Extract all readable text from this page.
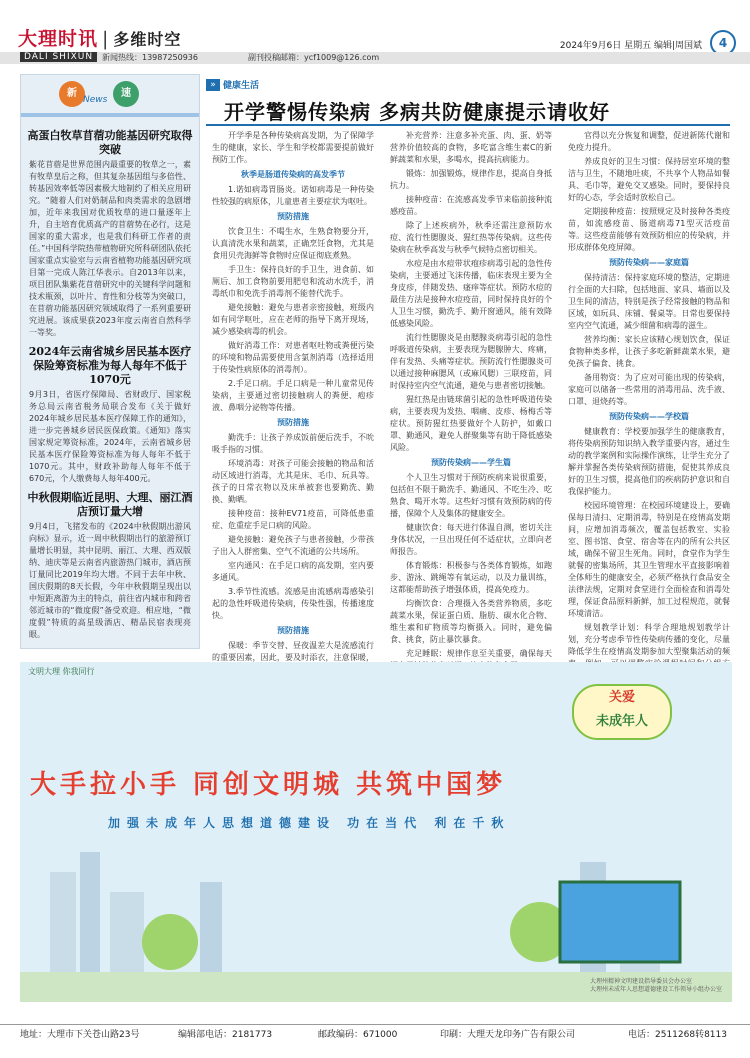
大理时讯 | 多维时空	2024年9月6日 星期五 编辑|周国斌	4
新闻热线：13987250936	副刊投稿邮箱：ycf1009@126.com
DALI SHIXUN
新
News
速
高蛋白牧草苜蓿功能基因研究取得突破
紫花苜蓿是世界范围内最重要的牧草之一，素有牧草皇后之称，但其复杂基因组与多倍性、转基因效率低等因素极大地制约了相关应用研究。“随着人们对奶制品和肉类需求的急剧增加，近年来我国对优质牧草的进口量逐年上升，自主培育优质高产的苜蓿势在必行，这是国家的重大需求，也是我们科研工作者的责任。”中国科学院热带植物研究所科研团队依托国家重点实验室与云南省植物功能基因研究项目第一完成人陈江华表示。自2013年以来，项目团队集紫花苜蓿研究中的关键科学问题和技术瓶颈，以叶片、育性和分枝等为突破口，在苜蓿功能基因研究领域取得了一系列重要研究进展。该成果获2023年度云南省自然科学一等奖。
2024年云南省城乡居民基本医疗保险筹资标准为每人每年不低于1070元
9月3日，省医疗保障局、省财政厅、国家税务总局云南省税务局联合发布《关于做好2024年城乡居民基本医疗保障工作的通知》，进一步完善城乡居民医保政策。《通知》落实国家规定筹资标准，2024年，云南省城乡居民基本医疗保险筹资标准为每人每年不低于1070元。其中，财政补助每人每年不低于670元，个人缴费每人每年400元。
中秋假期临近昆明、大理、丽江酒店预订量大增
9月4日，飞猪发布的《2024中秋假期出游风向标》显示，近一周中秋假期出行的旅游预订量增长明显，其中昆明、丽江、大理、西双版纳、迪庆等是云南省内旅游热门城市，酒店预订量同比2019年均大增。不同于去年中秋、国庆假期的8天长假，今年中秋假期呈现出以中短距离游为主的特点，前往省内城市和跨省邻近城市的“微度假”备受欢迎。相应地，“微度假”特质的高星级酒店、精品民宿表现亮眼。
» 健康生活
开学警惕传染病 多病共防健康提示请收好

开学季是各种传染病高发期，为了保障学生的健康，家长、学生和学校都需要提前做好预防工作。

秋季是肠道传染病的高发季节

1.诺如病毒胃肠炎。诺如病毒是一种传染性较强的病原体，儿童患者主要症状为呕吐。

预防措施

饮食卫生：不喝生水，生熟食物要分开，认真清洗水果和蔬菜，正确烹饪食物，尤其是食用贝壳海鲜等食物时应保证彻底煮熟。

手卫生：保持良好的手卫生，进食前、如厕后、加工食物前要用肥皂和流动水洗手，消毒纸巾和免洗手消毒剂不能替代洗手。

避免接触：避免与患者亲密接触，班级内如有同学呕吐，应在老师的指导下离开现场，减少感染病毒的机会。

做好消毒工作：对患者呕吐物或粪便污染的环境和物品需要使用含氯剂消毒（选择适用于传染性病原体的消毒剂）。

2.手足口病。手足口病是一种儿童常见传染病，主要通过密切接触病人的粪便、疱疹液、鼻咽分泌物等传播。

预防措施

勤洗手：让孩子养成饭前便后洗手，不吮吸手指的习惯。

环境消毒：对孩子可能会接触的物品和活动区域进行消毒，尤其是床、毛巾、玩具等。孩子的日常衣物以及床单被套也要勤洗、勤换、勤晒。

接种疫苗：接种EV71疫苗，可降低患重症、危重症手足口病的风险。

避免接触：避免孩子与患者接触，少带孩子出入人群密集、空气不流通的公共场所。

室内通风：在手足口病的高发期，室内要多通风。

3.季节性流感。流感是由流感病毒感染引起的急性呼吸道传染病，传染性强，传播速度快。

预防措施

保暖：季节交替、昼夜温差大是流感流行的重要因素，因此，要及时添衣，注意保暖，

补充营养：注意多补充蛋、肉、蛋、奶等营养价值较高的食物，多吃富含维生素C的新鲜蔬菜和水果，多喝水，提高抗病能力。

锻炼：加强锻炼，规律作息，提高自身抵抗力。

接种疫苗：在流感高发季节来临前接种流感疫苗。

除了上述疾病外，秋季还需注意预防水痘、流行性腮腺炎、猩红热等传染病。这些传染病在秋季高发与秋季气候特点密切相关。

水痘是由水痘带状疱疹病毒引起的急性传染病，主要通过飞沫传播，临床表现主要为全身皮疹，伴随发热、瘙痒等症状。预防水痘的最佳方法是接种水痘疫苗，同时保持良好的个人卫生习惯，勤洗手、勤开窗通风，能有效降低感染风险。

流行性腮腺炎是由腮腺炎病毒引起的急性呼吸道传染病，主要表现为腮腺肿大、疼痛，伴有发热、头痛等症状。预防流行性腮腺炎可以通过接种麻腮风（或麻风腮）三联疫苗，同时保持室内空气流通，避免与患者密切接触。

猩红热是由链球菌引起的急性呼吸道传染病，主要表现为发热、咽痛、皮疹、杨梅舌等症状。预防猩红热要做好个人防护，如戴口罩、勤通风，避免人群聚集等有助于降低感染风险。

预防传染病——学生篇

个人卫生习惯对于预防疾病来说很重要，包括但不限于勤洗手、勤通风、不吃生冷、吃熟食、喝开水等。这些好习惯有效预防病的传播，保障个人及集体的健康安全。

健康饮食：每天进行体温自测，密切关注身体状况，一旦出现任何不适症状，立即向老师报告。

体育锻炼：积极参与各类体育锻炼，如跑步、游泳、跳绳等有氧运动，以及力量训练，这都能帮助孩子增强体质，提高免疫力。

均衡饮食：合理摄入各类营养物质，多吃蔬菜水果，保证蛋白质、脂肪、碳水化合物、维生素和矿物质等均衡摄入。同时，避免偏食、挑食，防止暴饮暴食。

充足睡眠：规律作息至关重要，确保每天

官得以充分恢复和调整，促进新陈代谢和免疫力提升。

养成良好的卫生习惯：保持居室环境的整洁与卫生，不随地吐痰，不共享个人物品如餐具、毛巾等，避免交叉感染。同时，要保持良好的心态，学会适时放松自己。

定期接种疫苗：按照规定及时接种各类疫苗，如流感疫苗、肠道病毒71型灭活疫苗等。这些疫苗能够有效预防相应的传染病，并形成群体免疫屏障。

预防传染病——家庭篇

保持清洁：保持家庭环境的整洁，定期进行全面的大扫除，包括地面、家具、墙面以及卫生间的清洁，特别是孩子经常接触的物品和区域，如玩具、床铺、餐桌等。日常也要保持室内空气流通，减少细菌和病毒的滋生。

营养均衡：家长应该精心规划饮食，保证食物种类多样，让孩子多吃新鲜蔬菜水果，避免孩子偏食、挑食。

备用物资：为了应对可能出现的传染病，家庭可以储备一些常用的消毒用品、洗手液、口罩、退烧药等。

预防传染病——学校篇

健康教育：学校要加强学生的健康教育，将传染病预防知识纳入教学重要内容，通过生动的教学案例和实际操作演练，让学生充分了解并掌握各类传染病预防措施，促使其养成良好的卫生习惯，提高他们的疾病防护意识和自我保护能力。

校园环境管理：在校园环境建设上，要确保每日清扫、定期消毒，特别是在疫情高发期间，应增加消毒频次，覆盖包括教室、实验室、图书馆、食堂、宿舍等在内的所有公共区域，确保不留卫生死角。同时，食堂作为学生就餐的密集场所，其卫生管理水平直接影响着全体师生的健康安全，必须严格执行食品安全法律法规，定期对食堂进行全面检查和消毒处理，保证食品原料新鲜，加工过程规范，就餐环境清洁。

规划教学计划：科学合理地规划教学计划，充分考虑季节性传染病传播的变化，尽量降低学生在疫情高发期参加大型聚集活动的频

文明大理 你我同行
关爱
未成年人
大手拉小手 同创文明城 共筑中国梦
加强未成年人思想道德建设 功在当代 利在千秋
大理州精神文明建设指导委员会办公室
大理州未成年人思想道德建设工作领导小组办公室
地址：大理市下关苍山路23号	编辑部电话：2181773	邮政编码：671000	印刷：大理天龙印务广告有限公司	电话：2511268转8113
